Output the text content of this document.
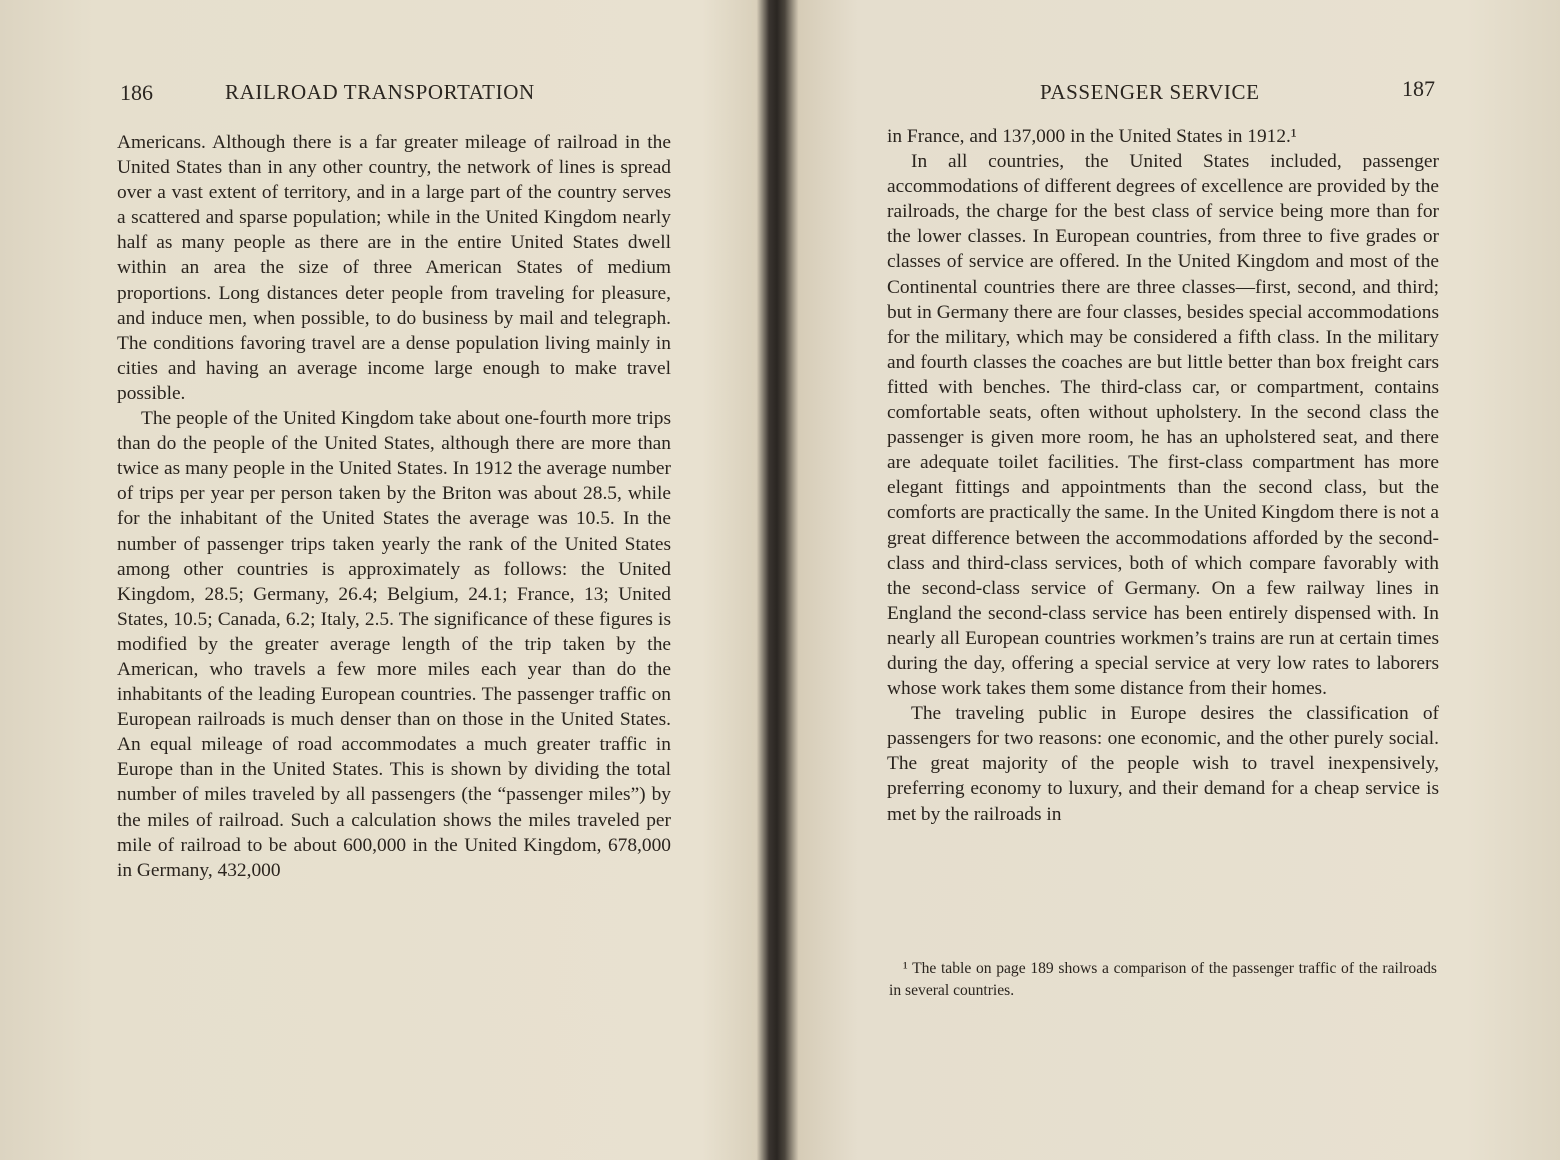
186	RAILROAD TRANSPORTATION

Americans. Although there is a far greater mileage of railroad in the United States than in any other country, the network of lines is spread over a vast extent of territory, and in a large part of the country serves a scattered and sparse population; while in the United Kingdom nearly half as many people as there are in the entire United States dwell within an area the size of three American States of medium proportions. Long distances deter people from traveling for pleasure, and induce men, when possible, to do business by mail and telegraph. The conditions favoring travel are a dense population living mainly in cities and having an average income large enough to make travel possible.

The people of the United Kingdom take about one-fourth more trips than do the people of the United States, although there are more than twice as many people in the United States. In 1912 the average number of trips per year per person taken by the Briton was about 28.5, while for the inhabitant of the United States the average was 10.5. In the number of passenger trips taken yearly the rank of the United States among other countries is approximately as follows: the United Kingdom, 28.5; Germany, 26.4; Belgium, 24.1; France, 13; United States, 10.5; Canada, 6.2; Italy, 2.5. The significance of these figures is modified by the greater average length of the trip taken by the American, who travels a few more miles each year than do the inhabitants of the leading European countries. The passenger traffic on European railroads is much denser than on those in the United States. An equal mileage of road accommodates a much greater traffic in Europe than in the United States. This is shown by dividing the total number of miles traveled by all passengers (the “passenger miles”) by the miles of railroad. Such a calculation shows the miles traveled per mile of railroad to be about 600,000 in the United Kingdom, 678,000 in Germany, 432,000

PASSENGER SERVICE	187

in France, and 137,000 in the United States in 1912.¹

In all countries, the United States included, passenger accommodations of different degrees of excellence are provided by the railroads, the charge for the best class of service being more than for the lower classes. In European countries, from three to five grades or classes of service are offered. In the United Kingdom and most of the Continental countries there are three classes—first, second, and third; but in Germany there are four classes, besides special accommodations for the military, which may be considered a fifth class. In the military and fourth classes the coaches are but little better than box freight cars fitted with benches. The third-class car, or compartment, contains comfortable seats, often without upholstery. In the second class the passenger is given more room, he has an upholstered seat, and there are adequate toilet facilities. The first-class compartment has more elegant fittings and appointments than the second class, but the comforts are practically the same. In the United Kingdom there is not a great difference between the accommodations afforded by the second-class and third-class services, both of which compare favorably with the second-class service of Germany. On a few railway lines in England the second-class service has been entirely dispensed with. In nearly all European countries workmen’s trains are run at certain times during the day, offering a special service at very low rates to laborers whose work takes them some distance from their homes.

The traveling public in Europe desires the classification of passengers for two reasons: one economic, and the other purely social. The great majority of the people wish to travel inexpensively, preferring economy to luxury, and their demand for a cheap service is met by the railroads in

¹ The table on page 189 shows a comparison of the passenger traffic of the railroads in several countries.
